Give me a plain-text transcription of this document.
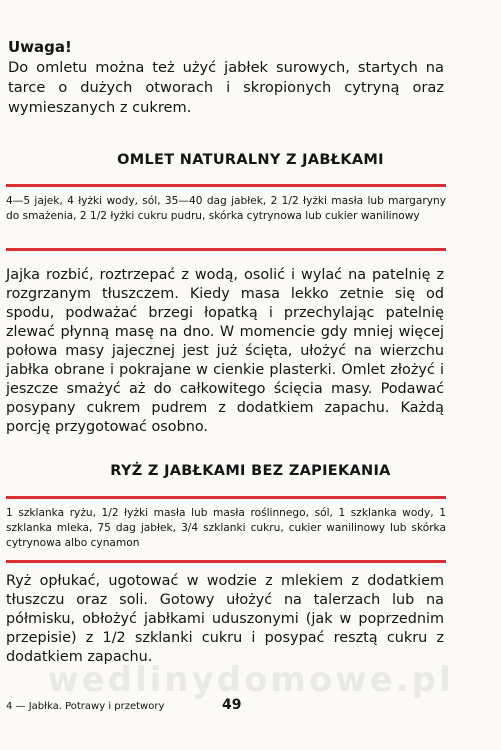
wedlinydomowe.pl
Uwaga!
Do omletu można też użyć jabłek surowych, startych na tarce o dużych otworach i skropionych cytryną oraz wymieszanych z cukrem.
OMLET NATURALNY Z JABŁKAMI
4—5 jajek, 4 łyżki wody, sól, 35—40 dag jabłek, 2 1/2 łyżki masła lub margaryny do smażenia, 2 1/2 łyżki cukru pudru, skórka cytrynowa lub cukier wanilinowy
Jajka rozbić, roztrzepać z wodą, osolić i wylać na patelnię z rozgrzanym tłuszczem. Kiedy masa lekko zetnie się od spodu, podważać brzegi łopatką i przechylając patelnię zlewać płynną masę na dno. W momencie gdy mniej więcej połowa masy jajecznej jest już ścięta, ułożyć na wierzchu jabłka obrane i pokrajane w cienkie plasterki. Omlet złożyć i jeszcze smażyć aż do całkowitego ścięcia masy. Podawać posypany cukrem pudrem z dodatkiem zapachu. Każdą porcję przygotować osobno.
RYŻ Z JABŁKAMI BEZ ZAPIEKANIA
1 szklanka ryżu, 1/2 łyżki masła lub masła roślinnego, sól, 1 szklanka wody, 1 szklanka mleka, 75 dag jabłek, 3/4 szklanki cukru, cukier wanilinowy lub skórka cytrynowa albo cynamon
Ryż opłukać, ugotować w wodzie z mlekiem z dodatkiem tłuszczu oraz soli. Gotowy ułożyć na talerzach lub na półmisku, obłożyć jabłkami uduszonymi (jak w poprzednim przepisie) z 1/2 szklanki cukru i posypać resztą cukru z dodatkiem zapachu.
4 — Jabłka. Potrawy i przetwory	49
